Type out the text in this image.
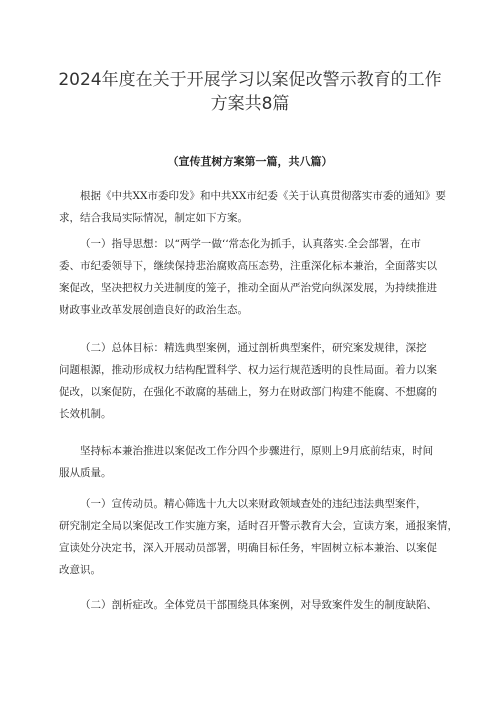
2024年度在关于开展学习以案促改警示教育的工作
方案共8篇

（宣传苴树方案第一篇，共八篇）

根据《中共XX市委印发》和中共XX市纪委《关于认真贯彻落实市委的通知》要
求，结合我局实际情况，制定如下方案。

（一）指导思想：以“两学一做‘‘常态化为抓手，认真落实.全会部署，在市
委、市纪委领导下，继续保持悲治腐败高压态势，注重深化标本兼治，全面落实以
案促改，坚决把权力关进制度的笼子，推动全面从严治党向纵深发展，为持续推进
财政事业改革发展创造良好的政治生态。

（二）总体目标：精选典型案例，通过剖析典型案件，研究案发规律，深挖
问题根源，推动形成权力结构配置科学、权力运行规范透明的良性局面。着力以案
促改，以案促防，在强化不敢腐的基础上，努力在财政部门构建不能腐、不想腐的
长效机制。

坚持标本兼治推进以案促改工作分四个步骤进行，原则上9月底前结束，时间
服从质量。

（一）宣传动员。精心筛选十九大以来财政领域查处的违纪违法典型案件，
研究制定全局以案促改工作实施方案，适时召开警示教育大会，宣读方案，通报案情，
宣读处分决定书，深入开展动员部署，明确目标任务，牢固树立标本兼治、以案促
改意识。

（二）剖析症改。全体党员干部围绕具体案例，对导致案件发生的制度缺陷、
